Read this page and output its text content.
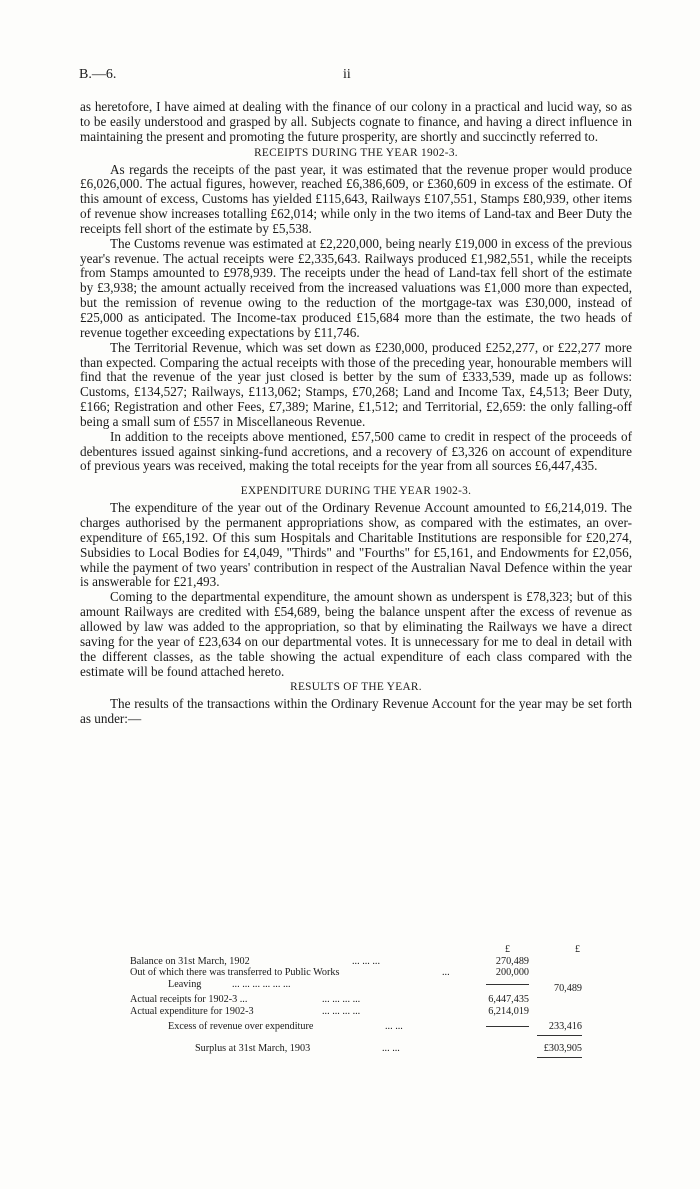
B.—6.	ii

as heretofore, I have aimed at dealing with the finance of our colony in a practical and lucid way, so as to be easily understood and grasped by all. Subjects cognate to finance, and having a direct influence in maintaining the present and promoting the future prosperity, are shortly and succinctly referred to.

RECEIPTS DURING THE YEAR 1902-3.

As regards the receipts of the past year, it was estimated that the revenue proper would produce £6,026,000. The actual figures, however, reached £6,386,609, or £360,609 in excess of the estimate. Of this amount of excess, Customs has yielded £115,643, Railways £107,551, Stamps £80,939, other items of revenue show increases totalling £62,014; while only in the two items of Land-tax and Beer Duty the receipts fell short of the estimate by £5,538.

The Customs revenue was estimated at £2,220,000, being nearly £19,000 in excess of the previous year's revenue. The actual receipts were £2,335,643. Railways produced £1,982,551, while the receipts from Stamps amounted to £978,939. The receipts under the head of Land-tax fell short of the estimate by £3,938; the amount actually received from the increased valuations was £1,000 more than expected, but the remission of revenue owing to the reduction of the mortgage-tax was £30,000, instead of £25,000 as anticipated. The Income-tax produced £15,684 more than the estimate, the two heads of revenue together exceeding expectations by £11,746.

The Territorial Revenue, which was set down as £230,000, produced £252,277, or £22,277 more than expected. Comparing the actual receipts with those of the preceding year, honourable members will find that the revenue of the year just closed is better by the sum of £333,539, made up as follows: Customs, £134,527; Railways, £113,062; Stamps, £70,268; Land and Income Tax, £4,513; Beer Duty, £166; Registration and other Fees, £7,389; Marine, £1,512; and Territorial, £2,659: the only falling-off being a small sum of £557 in Miscellaneous Revenue.

In addition to the receipts above mentioned, £57,500 came to credit in respect of the proceeds of debentures issued against sinking-fund accretions, and a recovery of £3,326 on account of expenditure of previous years was received, making the total receipts for the year from all sources £6,447,435.

EXPENDITURE DURING THE YEAR 1902-3.

The expenditure of the year out of the Ordinary Revenue Account amounted to £6,214,019. The charges authorised by the permanent appropriations show, as compared with the estimates, an over-expenditure of £65,192. Of this sum Hospitals and Charitable Institutions are responsible for £20,274, Subsidies to Local Bodies for £4,049, "Thirds" and "Fourths" for £5,161, and Endowments for £2,056, while the payment of two years' contribution in respect of the Australian Naval Defence within the year is answerable for £21,493.

Coming to the departmental expenditure, the amount shown as underspent is £78,323; but of this amount Railways are credited with £54,689, being the balance unspent after the excess of revenue as allowed by law was added to the appropriation, so that by eliminating the Railways we have a direct saving for the year of £23,634 on our departmental votes. It is unnecessary for me to deal in detail with the different classes, as the table showing the actual expenditure of each class compared with the estimate will be found attached hereto.

RESULTS OF THE YEAR.

The results of the transactions within the Ordinary Revenue Account for the year may be set forth as under:—

£	£
Balance on 31st March, 1902	... ... ...	270,489
Out of which there was transferred to Public Works	...	200,000
Leaving	... ... ... ... ... ...	70,489
Actual receipts for 1902-3 ...	... ... ... ...	6,447,435
Actual expenditure for 1902-3	... ... ... ...	6,214,019
Excess of revenue over expenditure	... ...	233,416
Surplus at 31st March, 1903	... ...	£303,905
